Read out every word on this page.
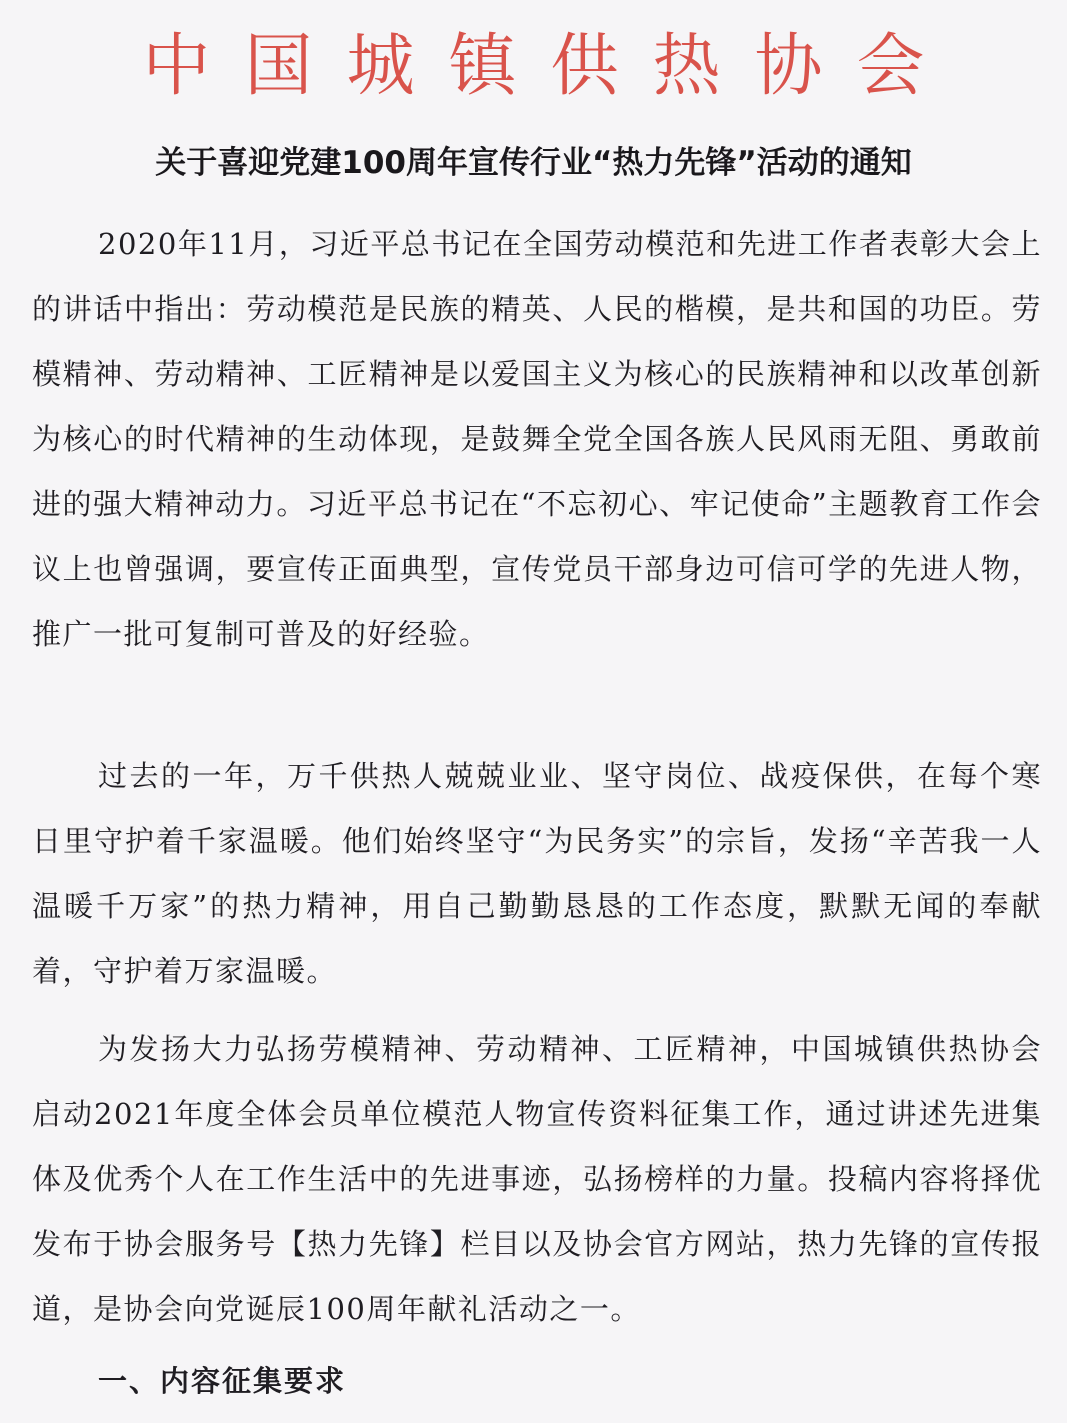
中国城镇供热协会
关于喜迎党建100周年宣传行业“热力先锋”活动的通知

2020年11月，习近平总书记在全国劳动模范和先进工作者表彰大会上的讲话中指出：劳动模范是民族的精英、人民的楷模，是共和国的功臣。劳模精神、劳动精神、工匠精神是以爱国主义为核心的民族精神和以改革创新为核心的时代精神的生动体现，是鼓舞全党全国各族人民风雨无阻、勇敢前进的强大精神动力。习近平总书记在“不忘初心、牢记使命”主题教育工作会议上也曾强调，要宣传正面典型，宣传党员干部身边可信可学的先进人物，推广一批可复制可普及的好经验。

过去的一年，万千供热人兢兢业业、坚守岗位、战疫保供，在每个寒日里守护着千家温暖。他们始终坚守“为民务实”的宗旨，发扬“辛苦我一人 温暖千万家”的热力精神，用自己勤勤恳恳的工作态度，默默无闻的奉献着，守护着万家温暖。

为发扬大力弘扬劳模精神、劳动精神、工匠精神，中国城镇供热协会启动2021年度全体会员单位模范人物宣传资料征集工作，通过讲述先进集体及优秀个人在工作生活中的先进事迹，弘扬榜样的力量。投稿内容将择优发布于协会服务号【热力先锋】栏目以及协会官方网站，热力先锋的宣传报道，是协会向党诞辰100周年献礼活动之一。

一、内容征集要求
